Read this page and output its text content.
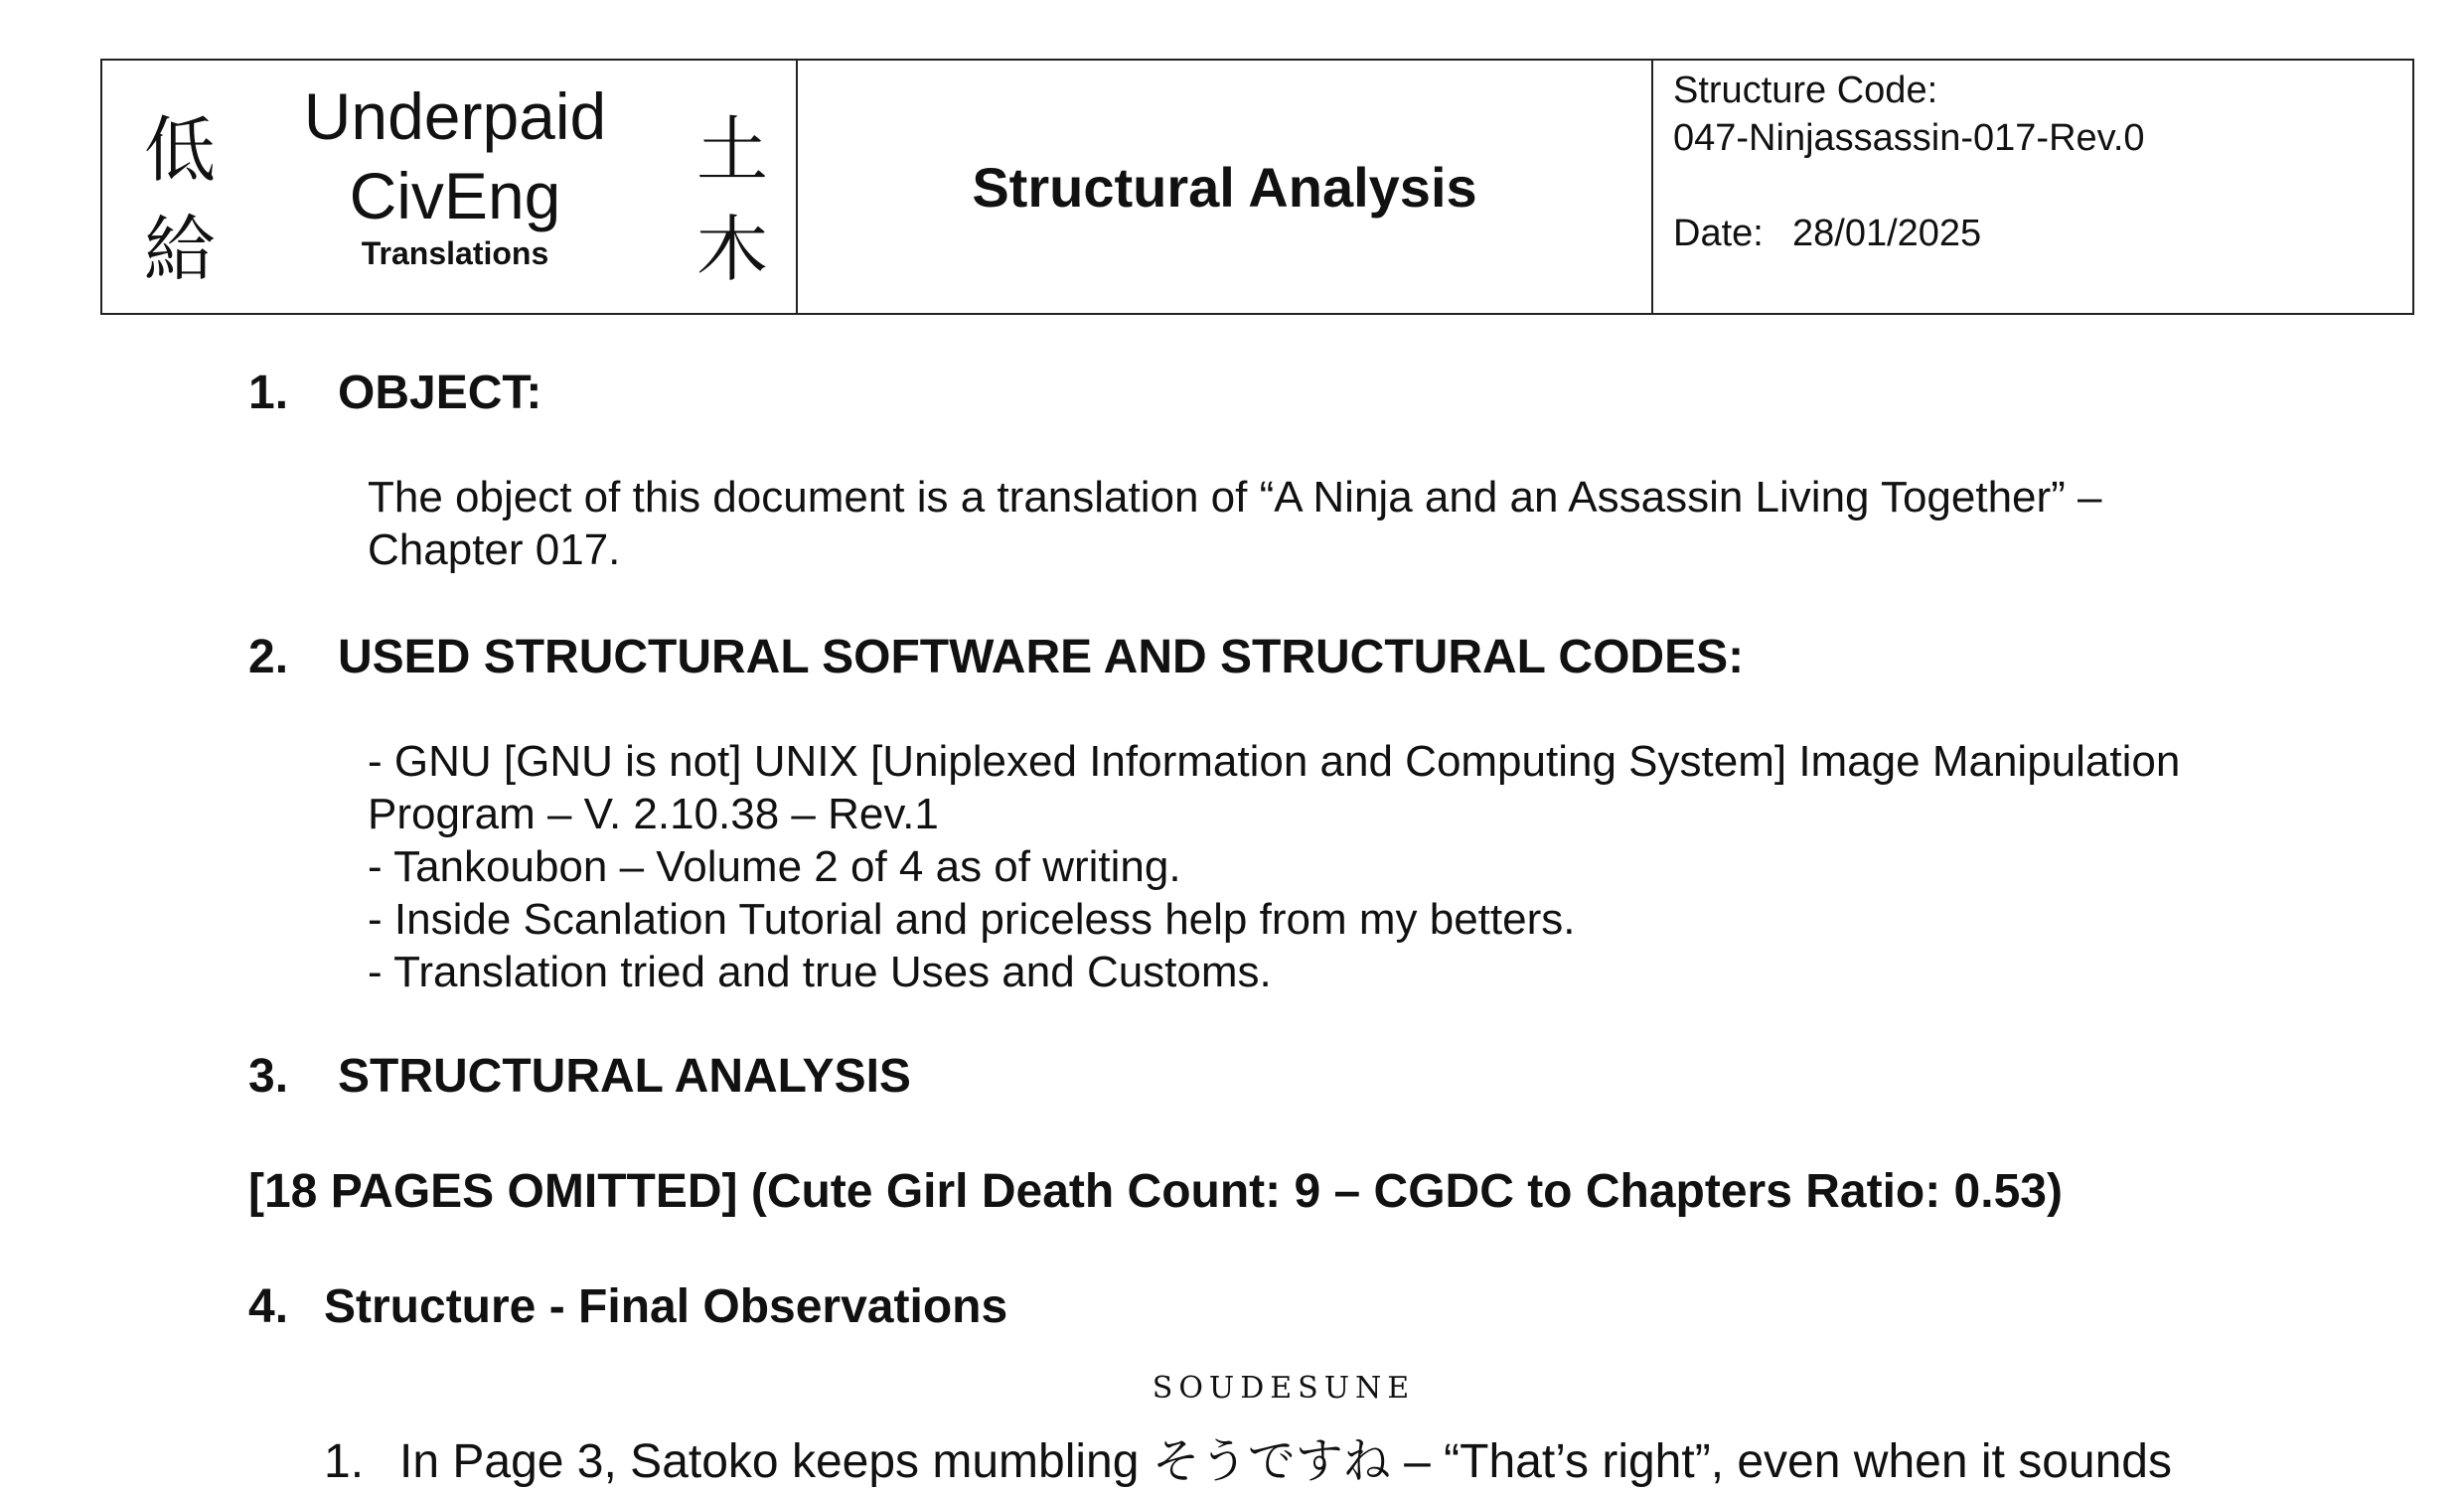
低
給
Underpaid
CivEng
Translations
土
木
Structural Analysis
Structure Code:
047-Ninjassassin-017-Rev.0
Date: 28/01/2025
1. OBJECT:
The object of this document is a translation of “A Ninja and an Assassin Living Together” –
Chapter 017.
2. USED STRUCTURAL SOFTWARE AND STRUCTURAL CODES:
- GNU [GNU is not] UNIX [Uniplexed Information and Computing System] Image Manipulation
Program – V. 2.10.38 – Rev.1
- Tankoubon – Volume 2 of 4 as of writing.
- Inside Scanlation Tutorial and priceless help from my betters.
- Translation tried and true Uses and Customs.
3. STRUCTURAL ANALYSIS
[18 PAGES OMITTED] (Cute Girl Death Count: 9 – CGDC to Chapters Ratio: 0.53)
4. Structure - Final Observations
1. In Page 3, Satoko keeps mumbling
SOUDESUNE
そうですね – “That’s right”, even when it sounds
